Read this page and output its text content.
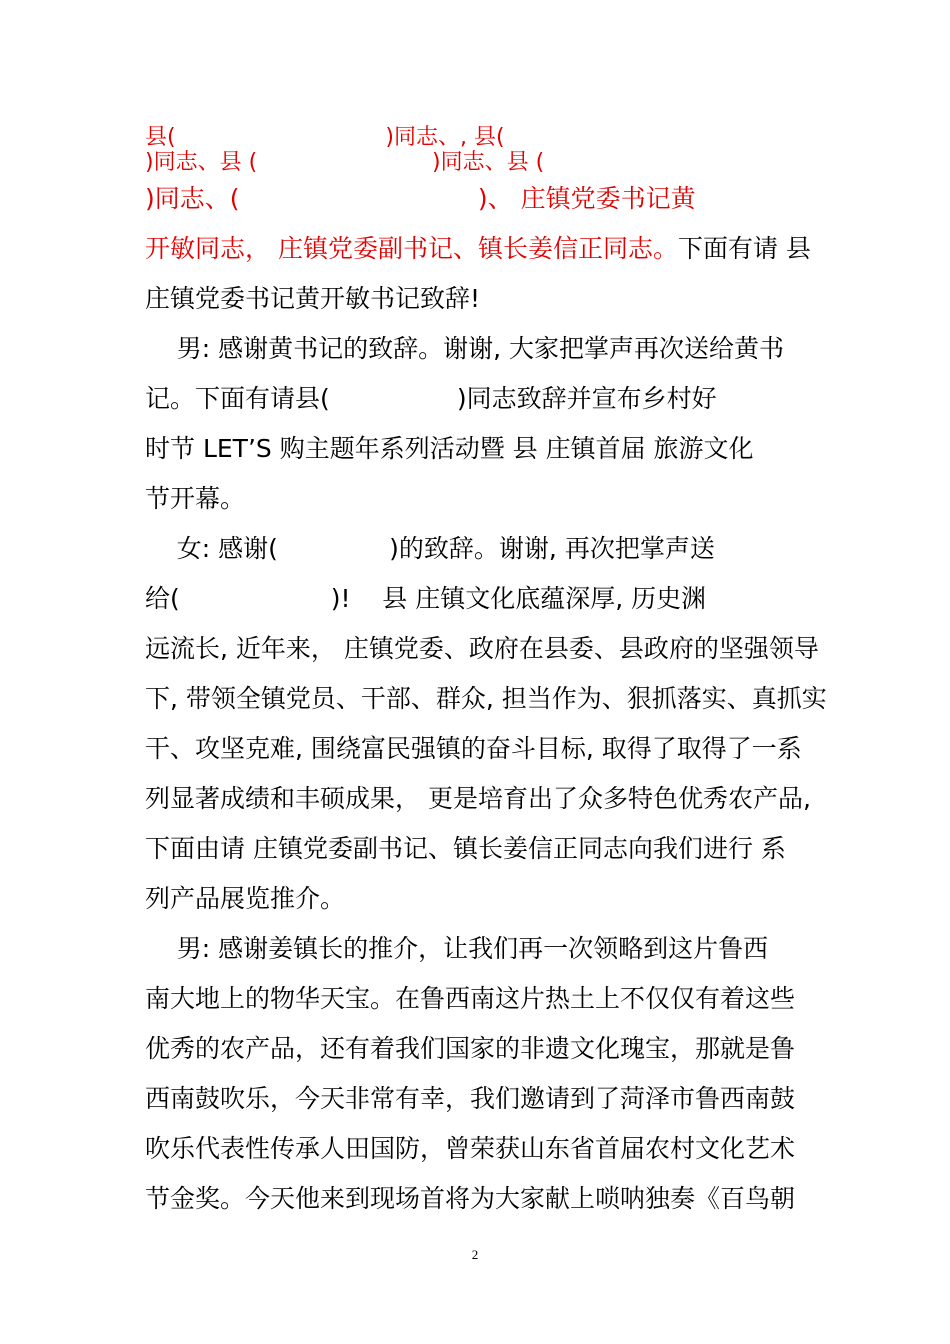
县(                              )同志、, 县(
)同志、县 (                         )同志、县 (
)同志、(                              )、 庄镇党委书记黄
开敏同志， 庄镇党委副书记、镇长姜信正同志。下面有请 县
庄镇党委书记黄开敏书记致辞!
男: 感谢黄书记的致辞。谢谢, 大家把掌声再次送给黄书
记。下面有请县(                )同志致辞并宣布乡村好
时节 LET’S 购主题年系列活动暨 县 庄镇首届 旅游文化
节开幕。
女: 感谢(              )的致辞。谢谢, 再次把掌声送
给(                   )!    县 庄镇文化底蕴深厚, 历史渊
远流长, 近年来， 庄镇党委、政府在县委、县政府的坚强领导
下, 带领全镇党员、干部、群众, 担当作为、狠抓落实、真抓实
干、攻坚克难, 围绕富民强镇的奋斗目标, 取得了取得了一系
列显著成绩和丰硕成果， 更是培育出了众多特色优秀农产品,
下面由请 庄镇党委副书记、镇长姜信正同志向我们进行 系
列产品展览推介。
男: 感谢姜镇长的推介，让我们再一次领略到这片鲁西
南大地上的物华天宝。在鲁西南这片热土上不仅仅有着这些
优秀的农产品，还有着我们国家的非遗文化瑰宝，那就是鲁
西南鼓吹乐，今天非常有幸，我们邀请到了菏泽市鲁西南鼓
吹乐代表性传承人田国防，曾荣获山东省首届农村文化艺术
节金奖。今天他来到现场首将为大家献上唢呐独奏《百鸟朝
2
